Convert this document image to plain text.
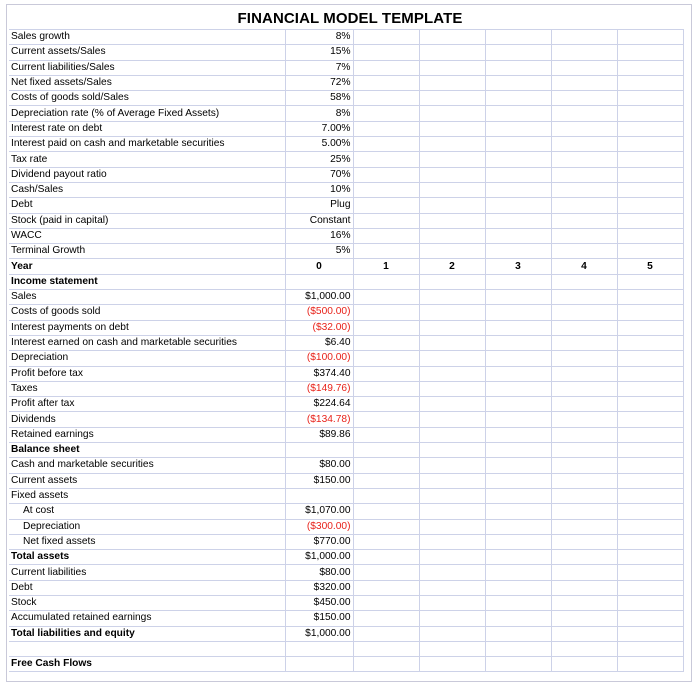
FINANCIAL MODEL TEMPLATE
Sales growth	8%					
Current assets/Sales	15%					
Current liabilities/Sales	7%					
Net fixed assets/Sales	72%					
Costs of goods sold/Sales	58%					
Depreciation rate (% of Average Fixed Assets)	8%					
Interest rate on debt	7.00%					
Interest paid on cash and marketable securities	5.00%					
Tax rate	25%					
Dividend payout ratio	70%					
Cash/Sales	10%					
Debt	Plug					
Stock (paid in capital)	Constant					
WACC	16%					
Terminal Growth	5%					
Year	0	1	2	3	4	5
Income statement						
Sales	$1,000.00					
Costs of goods sold	($500.00)					
Interest payments on debt	($32.00)					
Interest earned on cash and marketable securities	$6.40					
Depreciation	($100.00)					
Profit before tax	$374.40					
Taxes	($149.76)					
Profit after tax	$224.64					
Dividends	($134.78)					
Retained earnings	$89.86					
Balance sheet						
Cash and marketable securities	$80.00					
Current assets	$150.00					
Fixed assets						
At cost	$1,070.00					
Depreciation	($300.00)					
Net fixed assets	$770.00					
Total assets	$1,000.00					
Current liabilities	$80.00					
Debt	$320.00					
Stock	$450.00					
Accumulated retained earnings	$150.00					
Total liabilities and equity	$1,000.00					

Free Cash Flows						
